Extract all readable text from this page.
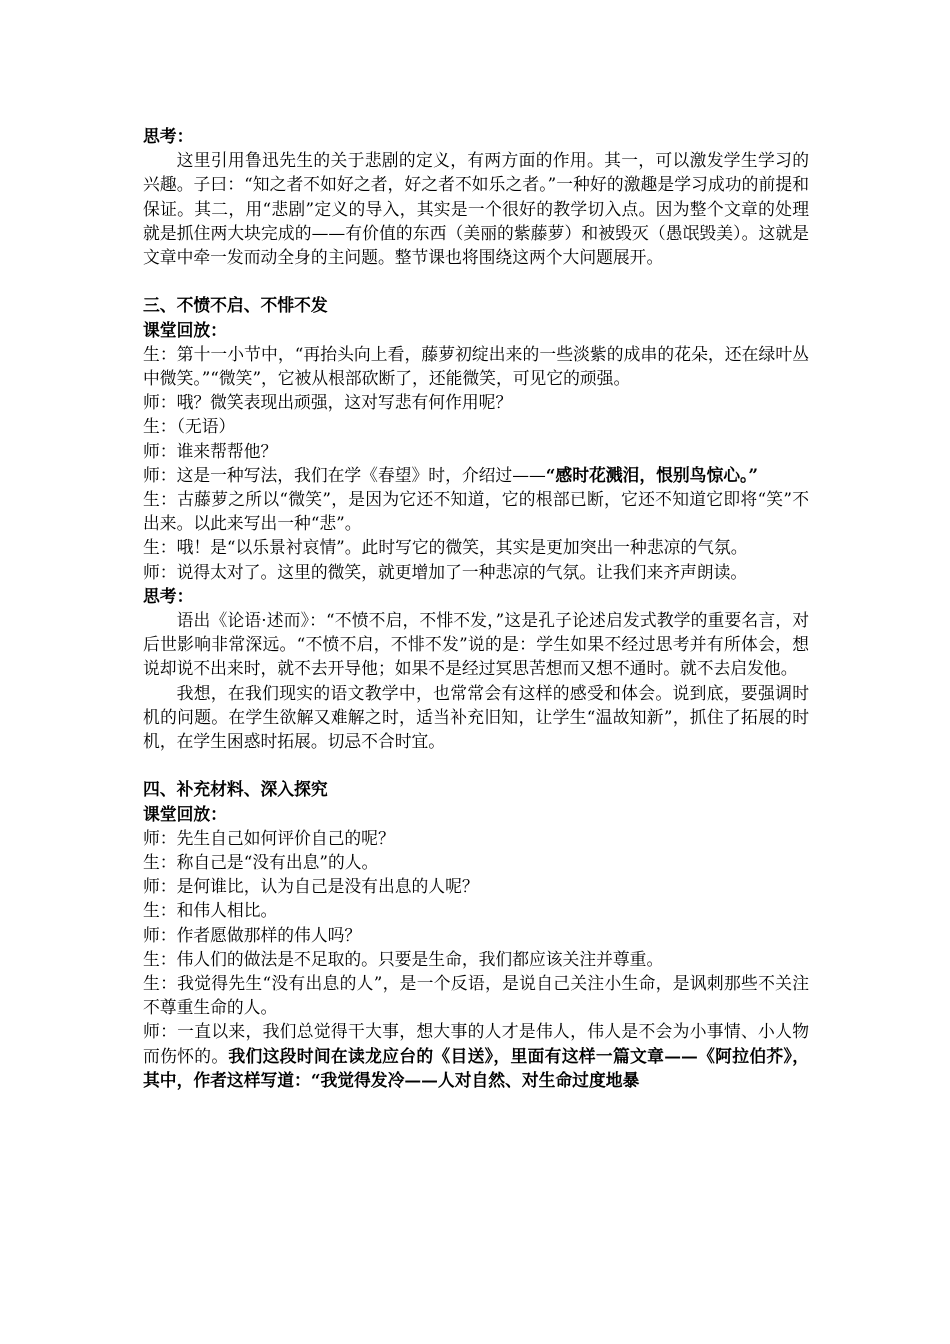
思考：

这里引用鲁迅先生的关于悲剧的定义，有两方面的作用。其一，可以激发学生学习的兴趣。子曰：“知之者不如好之者，好之者不如乐之者。”一种好的激趣是学习成功的前提和保证。其二，用“悲剧”定义的导入，其实是一个很好的教学切入点。因为整个文章的处理就是抓住两大块完成的——有价值的东西（美丽的紫藤萝）和被毁灭（愚氓毁美）。这就是文章中牵一发而动全身的主问题。整节课也将围绕这两个大问题展开。

三、不愤不启、不悱不发

课堂回放：

生：第十一小节中，“再抬头向上看，藤萝初绽出来的一些淡紫的成串的花朵，还在绿叶丛中微笑。”“微笑”，它被从根部砍断了，还能微笑，可见它的顽强。

师：哦？微笑表现出顽强，这对写悲有何作用呢？

生：（无语）

师：谁来帮帮他？

师：这是一种写法，我们在学《春望》时，介绍过——“感时花溅泪，恨别鸟惊心。”

生：古藤萝之所以“微笑”，是因为它还不知道，它的根部已断，它还不知道它即将“笑”不出来。以此来写出一种“悲”。

生：哦！是“以乐景衬哀情”。此时写它的微笑，其实是更加突出一种悲凉的气氛。

师：说得太对了。这里的微笑，就更增加了一种悲凉的气氛。让我们来齐声朗读。

思考：

语出《论语·述而》：“不愤不启，不悱不发，”这是孔子论述启发式教学的重要名言，对后世影响非常深远。“不愤不启，不悱不发”说的是：学生如果不经过思考并有所体会，想说却说不出来时，就不去开导他；如果不是经过冥思苦想而又想不通时。就不去启发他。

我想，在我们现实的语文教学中，也常常会有这样的感受和体会。说到底，要强调时机的问题。在学生欲解又难解之时，适当补充旧知，让学生“温故知新”，抓住了拓展的时机，在学生困惑时拓展。切忌不合时宜。

四、补充材料、深入探究

课堂回放：

师：先生自己如何评价自己的呢？

生：称自己是“没有出息”的人。

师：是何谁比，认为自己是没有出息的人呢？

生：和伟人相比。

师：作者愿做那样的伟人吗？

生：伟人们的做法是不足取的。只要是生命，我们都应该关注并尊重。

生：我觉得先生“没有出息的人”，是一个反语，是说自己关注小生命，是讽刺那些不关注不尊重生命的人。

师：一直以来，我们总觉得干大事，想大事的人才是伟人，伟人是不会为小事情、小人物而伤怀的。我们这段时间在读龙应台的《目送》，里面有这样一篇文章——《阿拉伯芥》，其中，作者这样写道：“我觉得发冷——人对自然、对生命过度地暴
